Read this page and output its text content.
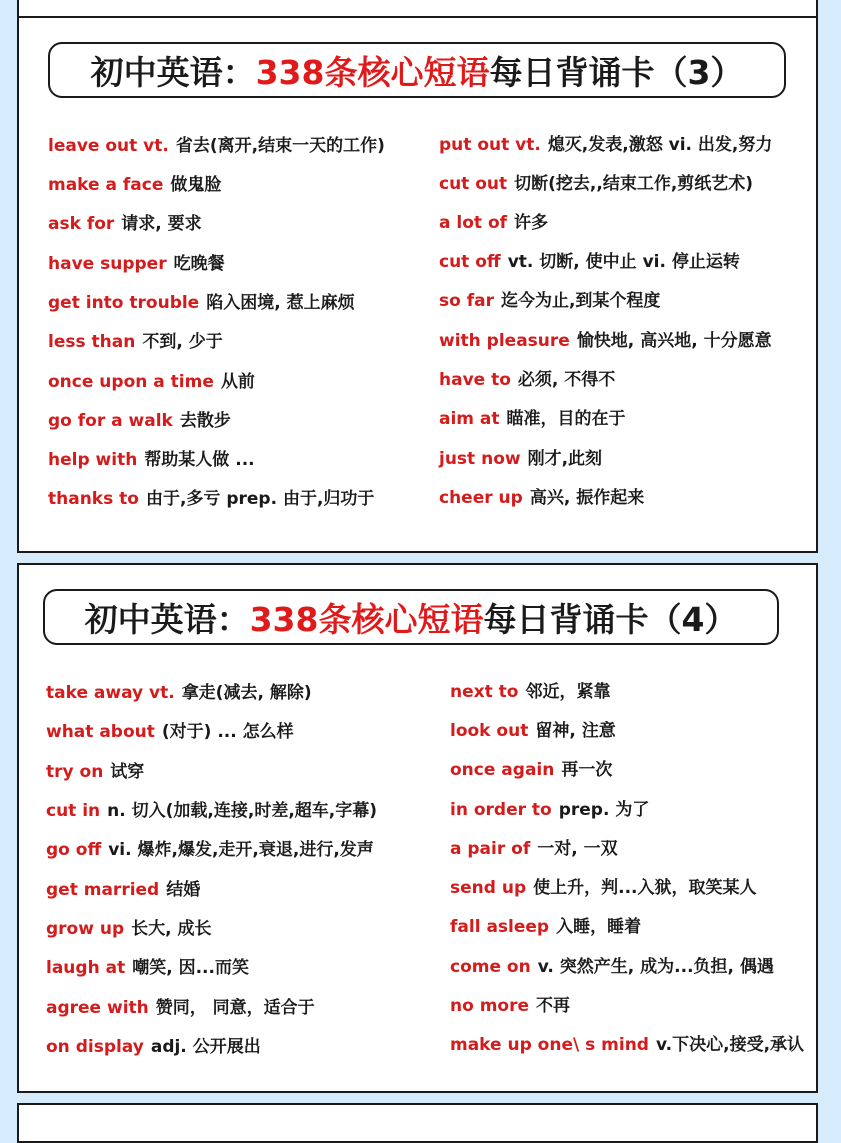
初中英语： 338条核心短语 每日背诵卡（3）
leave out vt. 省去(离开,结束一天的工作)
make a face 做鬼脸
ask for 请求, 要求
have supper 吃晚餐
get into trouble 陷入困境, 惹上麻烦
less than 不到, 少于
once upon a time 从前
go for a walk 去散步
help with 帮助某人做 ...
thanks to 由于,多亏 prep. 由于,归功于
put out vt. 熄灭,发表,激怒 vi. 出发,努力
cut out 切断(挖去,,结束工作,剪纸艺术)
a lot of 许多
cut off vt. 切断, 使中止 vi. 停止运转
so far 迄今为止,到某个程度
with pleasure 愉快地, 高兴地, 十分愿意
have to 必须, 不得不
aim at 瞄准，目的在于
just now 刚才,此刻
cheer up 高兴, 振作起来
初中英语： 338条核心短语 每日背诵卡（4）
take away vt. 拿走(减去, 解除)
what about (对于) ... 怎么样
try on 试穿
cut in n. 切入(加载,连接,时差,超车,字幕)
go off vi. 爆炸,爆发,走开,衰退,进行,发声
get married 结婚
grow up 长大, 成长
laugh at 嘲笑, 因...而笑
agree with 赞同， 同意，适合于
on display adj. 公开展出
next to 邻近，紧靠
look out 留神, 注意
once again 再一次
in order to prep. 为了
a pair of 一对, 一双
send up 使上升，判...入狱，取笑某人
fall asleep 入睡，睡着
come on v. 突然产生, 成为...负担, 偶遇
no more 不再
make up one\ s mind v.下决心,接受,承认
